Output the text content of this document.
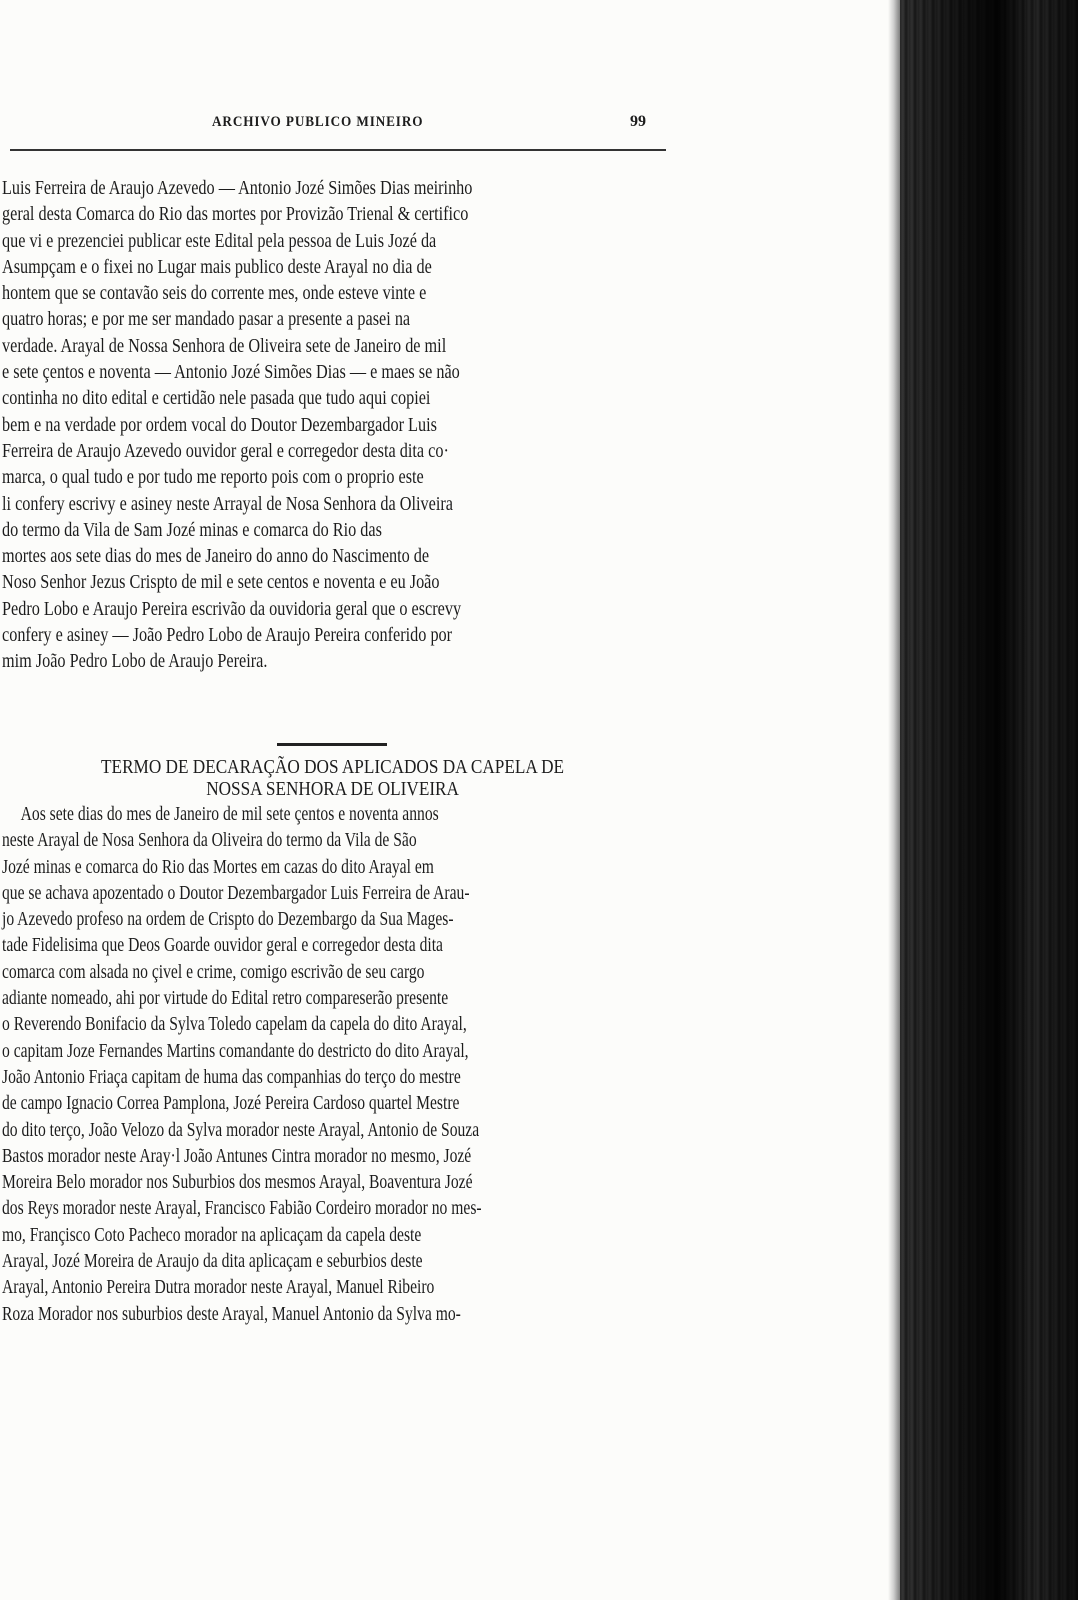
ARCHIVO PUBLICO MINEIRO	99
Luis Ferreira de Araujo Azevedo — Antonio Jozé Simões Dias meirinho
geral desta Comarca do Rio das mortes por Provizão Trienal & certifico
que vi e prezenciei publicar este Edital pela pessoa de Luis Jozé da
Asumpçam e o fixei no Lugar mais publico deste Arayal no dia de
hontem que se contavão seis do corrente mes, onde esteve vinte e
quatro horas; e por me ser mandado pasar a presente a pasei na
verdade. Arayal de Nossa Senhora de Oliveira sete de Janeiro de mil
e sete çentos e noventa — Antonio Jozé Simões Dias — e maes se não
continha no dito edital e certidão nele pasada que tudo aqui copiei
bem e na verdade por ordem vocal do Doutor Dezembargador Luis
Ferreira de Araujo Azevedo ouvidor geral e corregedor desta dita co·
marca, o qual tudo e por tudo me reporto pois com o proprio este
li confery escrivy e asiney neste Arrayal de Nosa Senhora da Oliveira
do termo da Vila de Sam Jozé minas e comarca do Rio das
mortes aos sete dias do mes de Janeiro do anno do Nascimento de
Noso Senhor Jezus Crispto de mil e sete centos e noventa e eu João
Pedro Lobo e Araujo Pereira escrivão da ouvidoria geral que o escrevy
confery e asiney — João Pedro Lobo de Araujo Pereira conferido por
mim João Pedro Lobo de Araujo Pereira.
TERMO DE DECARAÇÃO DOS APLICADOS DA CAPELA DE
NOSSA SENHORA DE OLIVEIRA
Aos sete dias do mes de Janeiro de mil sete çentos e noventa annos
neste Arayal de Nosa Senhora da Oliveira do termo da Vila de São
Jozé minas e comarca do Rio das Mortes em cazas do dito Arayal em
que se achava apozentado o Doutor Dezembargador Luis Ferreira de Arau-
jo Azevedo profeso na ordem de Crispto do Dezembargo da Sua Mages-
tade Fidelisima que Deos Goarde ouvidor geral e corregedor desta dita
comarca com alsada no çivel e crime, comigo escrivão de seu cargo
adiante nomeado, ahi por virtude do Edital retro compareserão presente
o Reverendo Bonifacio da Sylva Toledo capelam da capela do dito Arayal,
o capitam Joze Fernandes Martins comandante do destricto do dito Arayal,
João Antonio Friaça capitam de huma das companhias do terço do mestre
de campo Ignacio Correa Pamplona, Jozé Pereira Cardoso quartel Mestre
do dito terço, João Velozo da Sylva morador neste Arayal, Antonio de Souza
Bastos morador neste Aray·l João Antunes Cintra morador no mesmo, Jozé
Moreira Belo morador nos Suburbios dos mesmos Arayal, Boaventura Jozé
dos Reys morador neste Arayal, Francisco Fabião Cordeiro morador no mes-
mo, Françisco Coto Pacheco morador na aplicaçam da capela deste
Arayal, Jozé Moreira de Araujo da dita aplicaçam e seburbios deste
Arayal, Antonio Pereira Dutra morador neste Arayal, Manuel Ribeiro
Roza Morador nos suburbios deste Arayal, Manuel Antonio da Sylva mo-
